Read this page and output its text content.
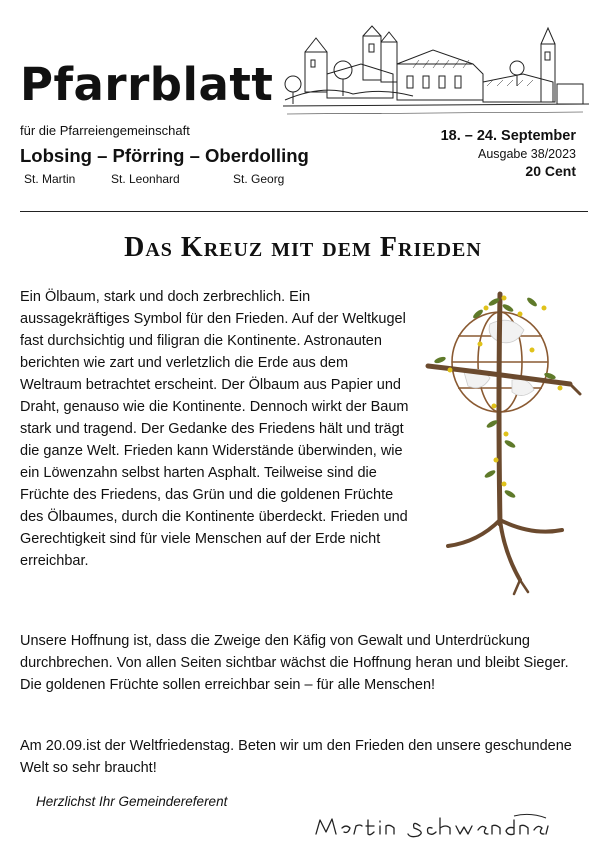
Pfarrblatt
für die Pfarreiengemeinschaft
Lobsing – Pförring – Oberdolling
St. Martin	St. Leonhard	St. Georg
18. – 24. September
Ausgabe 38/2023
20 Cent
Das Kreuz mit dem Frieden

Ein Ölbaum, stark und doch zerbrechlich. Ein aussagekräftiges Symbol für den Frieden. Auf der Weltkugel fast durchsichtig und filigran die Kontinente. Astronauten berichten wie zart und verletzlich die Erde aus dem Weltraum betrachtet erscheint. Der Ölbaum aus Papier und Draht, genauso wie die Kontinente. Dennoch wirkt der Baum stark und tragend. Der Gedanke des Friedens hält und trägt die ganze Welt. Frieden kann Widerstände überwinden, wie ein Löwenzahn selbst harten Asphalt. Teilweise sind die Früchte des Friedens, das Grün und die goldenen Früchte des Ölbaumes, durch die Kontinente überdeckt. Frieden und Gerechtigkeit sind für viele Menschen auf der Erde nicht erreichbar.

Unsere Hoffnung ist, dass die Zweige den Käfig von Gewalt und Unterdrückung durchbrechen. Von allen Seiten sichtbar wächst die Hoffnung heran und bleibt Sieger. Die goldenen Früchte sollen erreichbar sein – für alle Menschen!

Am 20.09.ist der Weltfriedenstag. Beten wir um den Frieden den unsere geschundene Welt so sehr braucht!

Herzlichst Ihr Gemeindereferent
